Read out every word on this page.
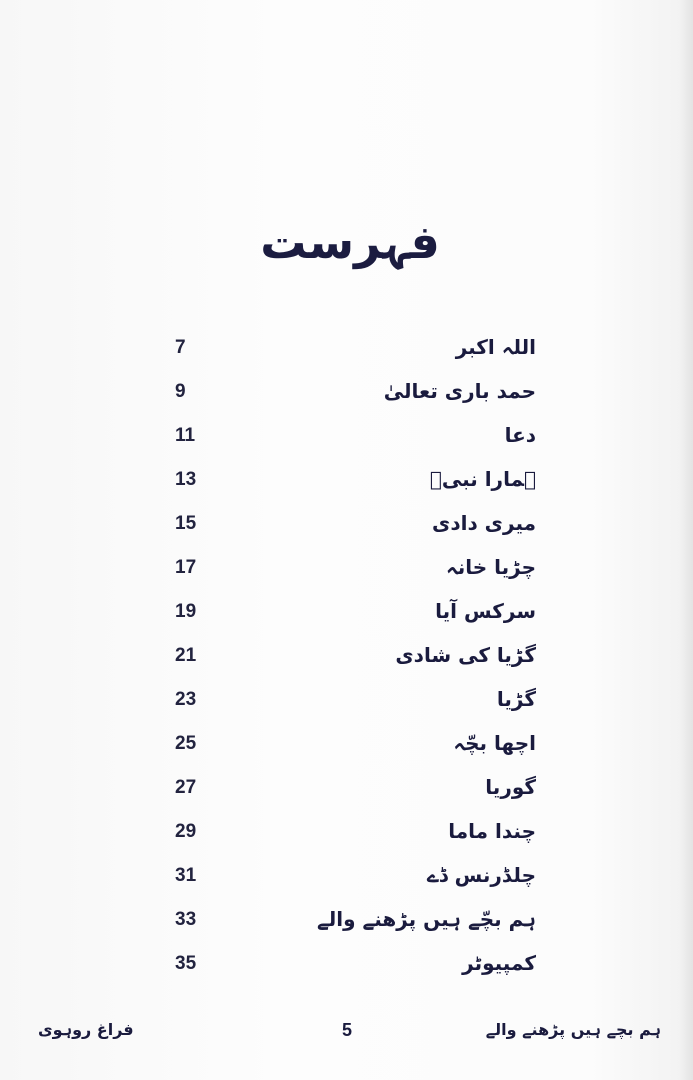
فہرست
اللہ اکبر
7
حمد باری تعالیٰ
9
دعا
11
ہمارا نبیؐ
13
میری دادی
15
چڑیا خانہ
17
سرکس آیا
19
گڑیا کی شادی
21
گڑیا
23
اچھا بچّہ
25
گوریا
27
چندا ماما
29
چلڈرنس ڈے
31
ہم بچّے ہیں پڑھنے والے
33
کمپیوٹر
35
فراغ روہوی	5	ہم بچے ہیں پڑھنے والے
